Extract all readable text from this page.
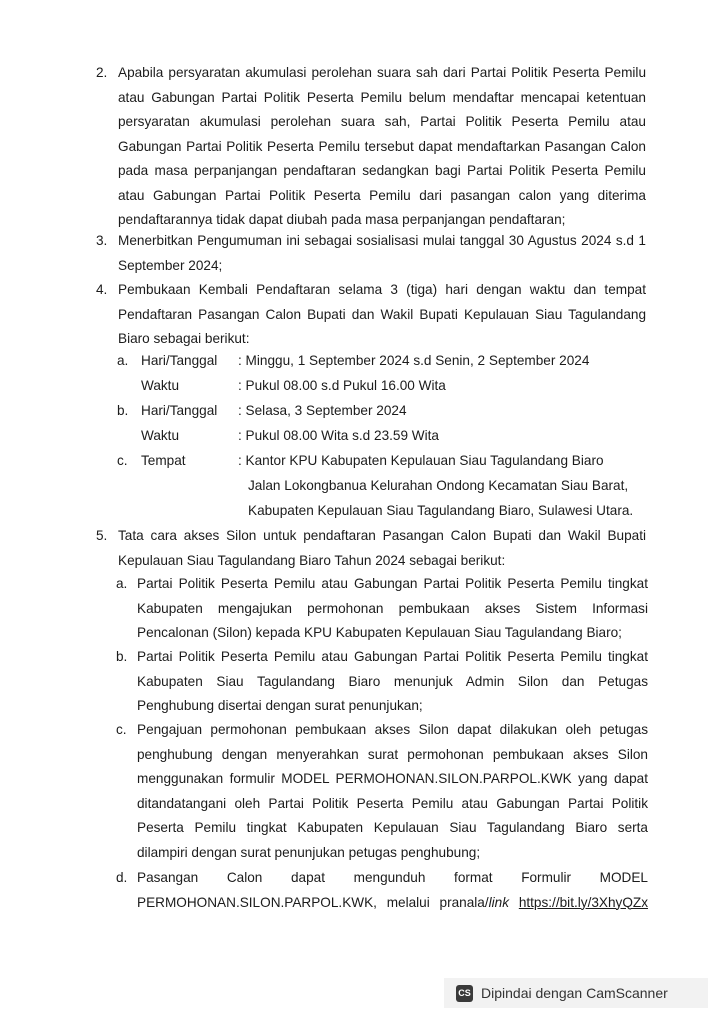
2. Apabila persyaratan akumulasi perolehan suara sah dari Partai Politik Peserta Pemilu
atau Gabungan Partai Politik Peserta Pemilu belum mendaftar mencapai ketentuan
persyaratan akumulasi perolehan suara sah, Partai Politik Peserta Pemilu atau
Gabungan Partai Politik Peserta Pemilu tersebut dapat mendaftarkan Pasangan Calon
pada masa perpanjangan pendaftaran sedangkan bagi Partai Politik Peserta Pemilu
atau Gabungan Partai Politik Peserta Pemilu dari pasangan calon yang diterima
pendaftarannya tidak dapat diubah pada masa perpanjangan pendaftaran;
3. Menerbitkan Pengumuman ini sebagai sosialisasi mulai tanggal 30 Agustus 2024 s.d 1
September 2024;
4. Pembukaan Kembali Pendaftaran selama 3 (tiga) hari dengan waktu dan tempat
Pendaftaran Pasangan Calon Bupati dan Wakil Bupati Kepulauan Siau Tagulandang
Biaro sebagai berikut:
a. Hari/Tanggal : Minggu, 1 September 2024 s.d Senin, 2 September 2024
Waktu	: Pukul 08.00 s.d Pukul 16.00 Wita
b. Hari/Tanggal : Selasa, 3 September 2024
Waktu	: Pukul 08.00 Wita s.d 23.59 Wita
c. Tempat	: Kantor KPU Kabupaten Kepulauan Siau Tagulandang Biaro
Jalan Lokongbanua Kelurahan Ondong Kecamatan Siau Barat,
Kabupaten Kepulauan Siau Tagulandang Biaro, Sulawesi Utara.
5. Tata cara akses Silon untuk pendaftaran Pasangan Calon Bupati dan Wakil Bupati
Kepulauan Siau Tagulandang Biaro Tahun 2024 sebagai berikut:
a. Partai Politik Peserta Pemilu atau Gabungan Partai Politik Peserta Pemilu tingkat
Kabupaten mengajukan permohonan pembukaan akses Sistem Informasi
Pencalonan (Silon) kepada KPU Kabupaten Kepulauan Siau Tagulandang Biaro;
b. Partai Politik Peserta Pemilu atau Gabungan Partai Politik Peserta Pemilu tingkat
Kabupaten Siau Tagulandang Biaro menunjuk Admin Silon dan Petugas
Penghubung disertai dengan surat penunjukan;
c. Pengajuan permohonan pembukaan akses Silon dapat dilakukan oleh petugas
penghubung dengan menyerahkan surat permohonan pembukaan akses Silon
menggunakan formulir MODEL PERMOHONAN.SILON.PARPOL.KWK yang dapat
ditandatangani oleh Partai Politik Peserta Pemilu atau Gabungan Partai Politik
Peserta Pemilu tingkat Kabupaten Kepulauan Siau Tagulandang Biaro serta
dilampiri dengan surat penunjukan petugas penghubung;
d. Pasangan Calon dapat mengunduh format Formulir MODEL
PERMOHONAN.SILON.PARPOL.KWK, melalui pranala/link https://bit.ly/3XhyQZx
CS Dipindai dengan CamScanner
